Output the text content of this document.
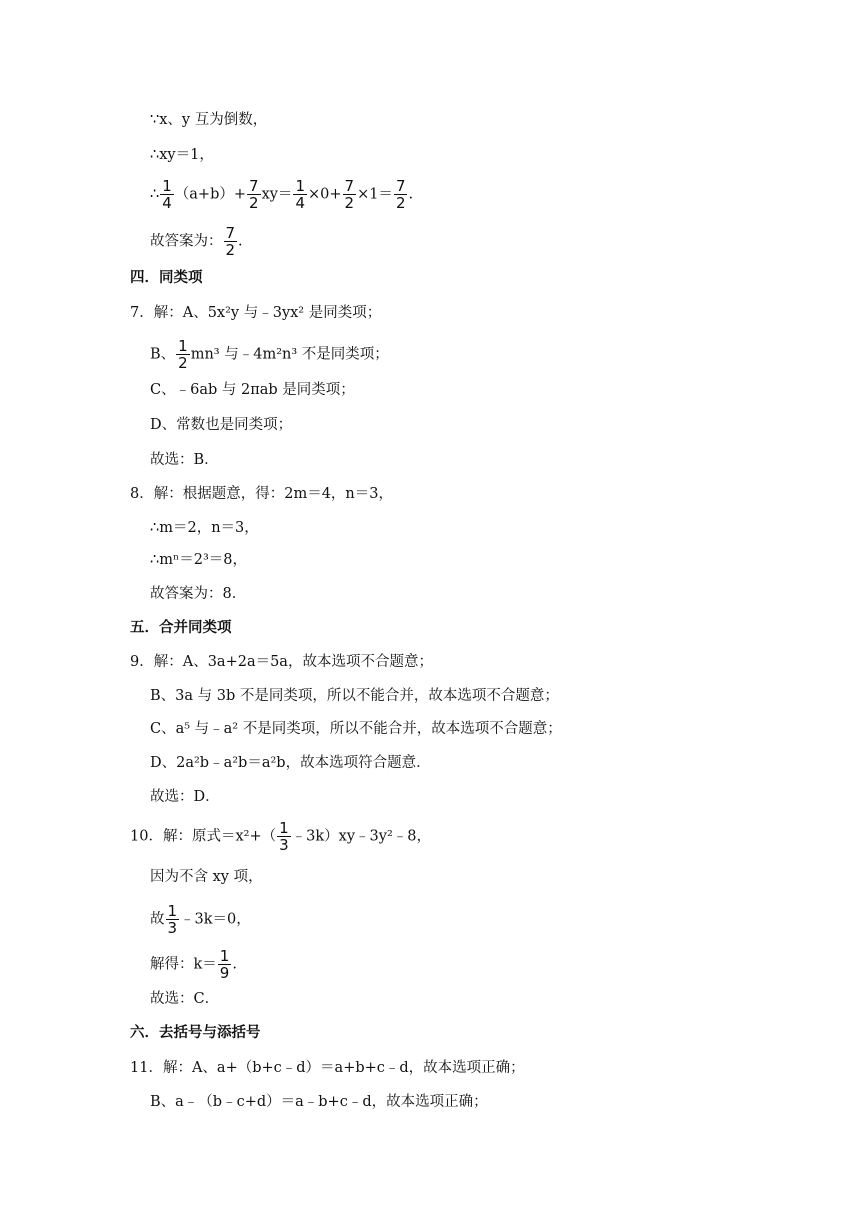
∵x、y 互为倒数，
∴xy＝1，
∴ $\frac{1}{4} (a+b)+ \frac{7}{2} xy= \frac{1}{4} \times 0+ \frac{7}{2} \times 1= \frac{7}{2}$ .
故答案为： $\frac{7}{2}$ .
四．同类项
7．解：A、5x²y 与﹣3yx² 是同类项；
B、 $\frac{1}{2} mn^3$ 与﹣4m²n³ 不是同类项；
C、﹣6ab 与 2πab 是同类项；
D、常数也是同类项；
故选：B．
8．解：根据题意，得：2m＝4，n＝3，
∴m＝2，n＝3，
∴mⁿ＝2³＝8，
故答案为：8．
五．合并同类项
9．解：A、3a+2a＝5a，故本选项不合题意；
B、3a 与 3b 不是同类项，所以不能合并，故本选项不合题意；
C、a⁵ 与﹣a² 不是同类项，所以不能合并，故本选项不合题意；
D、2a²b﹣a²b＝a²b，故本选项符合题意．
故选：D．
10．解：原式$=x^2+( \frac{1}{3}$ ﹣3k）xy﹣3y²﹣8，
因为不含 xy 项，
故 $\frac{1}{3}$ ﹣3k＝0，
解得：$k= \frac{1}{9}$ .
故选：C．
六．去括号与添括号
11．解：A、a+（b+c﹣d）＝a+b+c﹣d，故本选项正确；
B、a﹣（b﹣c+d）＝a﹣b+c﹣d，故本选项正确；
